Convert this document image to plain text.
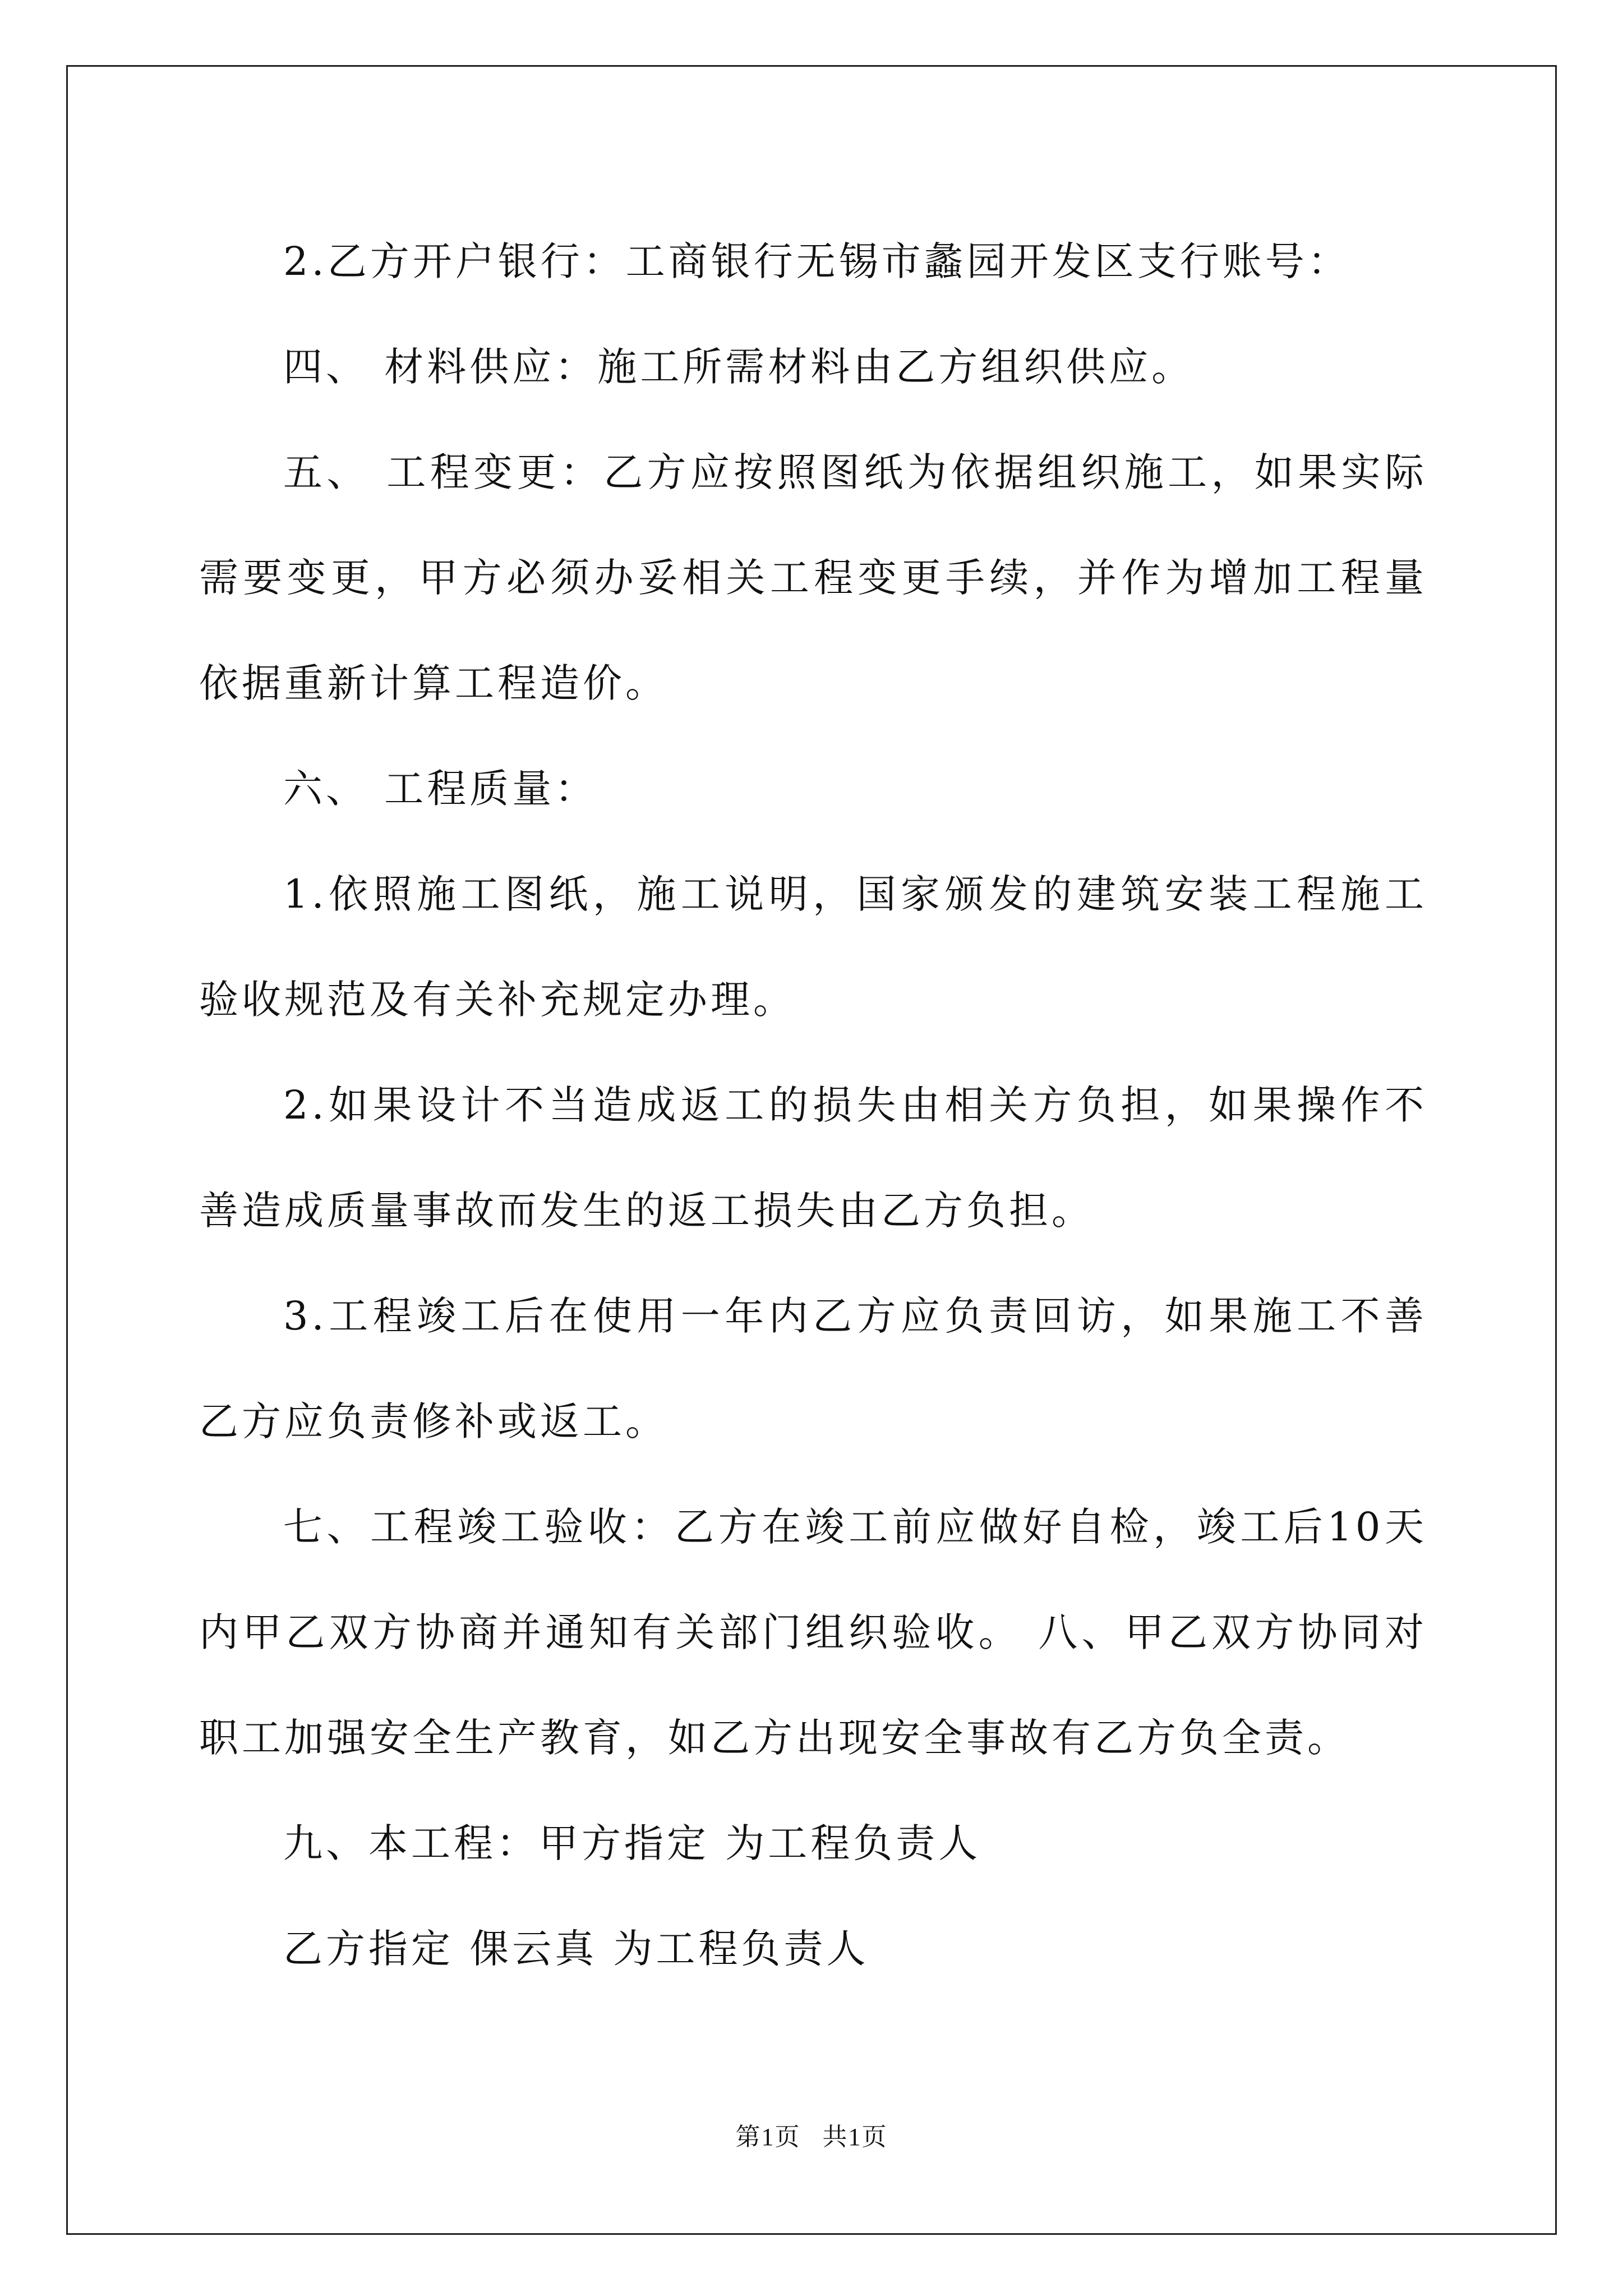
2.乙方开户银行：工商银行无锡市蠡园开发区支行账号：

四、 材料供应：施工所需材料由乙方组织供应。

五、 工程变更：乙方应按照图纸为依据组织施工，如果实际需要变更，甲方必须办妥相关工程变更手续，并作为增加工程量依据重新计算工程造价。

六、 工程质量：

1.依照施工图纸，施工说明，国家颁发的建筑安装工程施工验收规范及有关补充规定办理。

2.如果设计不当造成返工的损失由相关方负担，如果操作不善造成质量事故而发生的返工损失由乙方负担。

3.工程竣工后在使用一年内乙方应负责回访，如果施工不善乙方应负责修补或返工。

七、工程竣工验收：乙方在竣工前应做好自检，竣工后10天内甲乙双方协商并通知有关部门组织验收。 八、甲乙双方协同对职工加强安全生产教育，如乙方出现安全事故有乙方负全责。

九、本工程：甲方指定 为工程负责人

乙方指定 倮云真 为工程负责人

第1页   共1页
